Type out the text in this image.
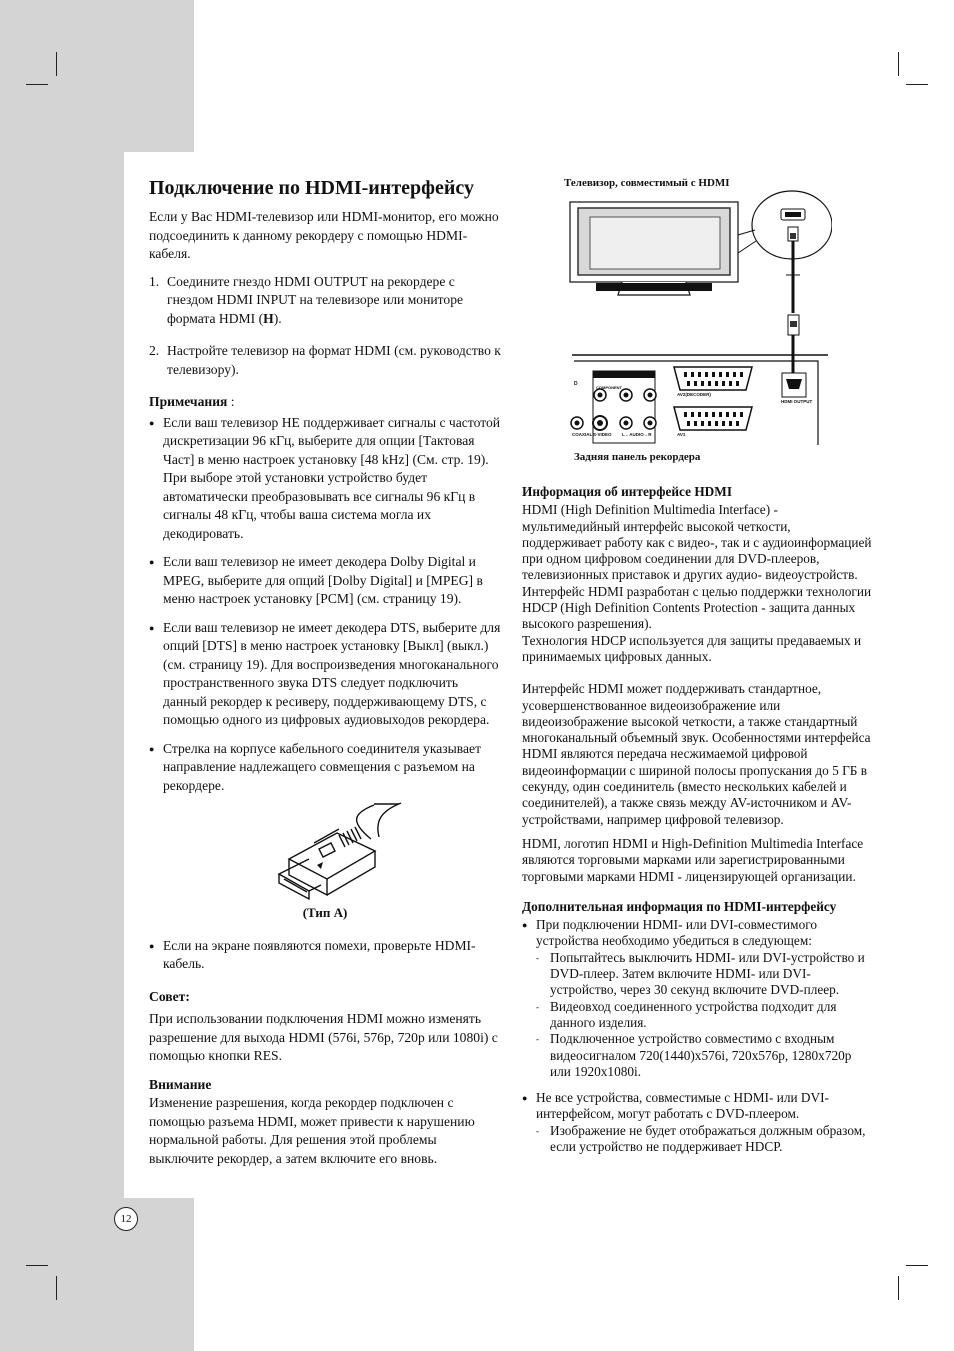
Подключение по HDMI-интерфейсу

Если у Вас HDMI-телевизор или HDMI-монитор, его можно подсоединить к данному рекордеру с помощью HDMI-кабеля.

1. Соедините гнездо HDMI OUTPUT на рекордере с гнездом HDMI INPUT на телевизоре или мониторе формата HDMI (H).
2. Настройте телевизор на формат HDMI (см. руководство к телевизору).

Примечания :

● Если ваш телевизор НЕ поддерживает сигналы с частотой дискретизации 96 кГц, выберите для опции [Тактовая Част] в меню настроек установку [48 kHz] (См. стр. 19). При выборе этой установки устройство будет автоматически преобразовывать все сигналы 96 кГц в сигналы 48 кГц, чтобы ваша система могла их декодировать.
● Если ваш телевизор не имеет декодера Dolby Digital и MPEG, выберите для опций [Dolby Digital] и [MPEG] в меню настроек установку [PCM] (см. страницу 19).
● Если ваш телевизор не имеет декодера DTS, выберите для опций [DTS] в меню настроек установку [Выкл] (выкл.) (см. страницу 19). Для воспроизведения многоканального пространственного звука DTS следует подключить данный рекордер к ресиверу, поддерживающему DTS, с помощью одного из цифровых аудиовыходов рекордера.
● Стрелка на корпусе кабельного соединителя указывает направление надлежащего совмещения с разъемом на рекордере.

(Тип A)

● Если на экране появляются помехи, проверьте HDMI-кабель.

Совет:

При использовании подключения HDMI можно изменять разрешение для выхода HDMI (576i, 576p, 720p или 1080i) с помощью кнопки RES.

Внимание

Изменение разрешения, когда рекордер подключен с помощью разъема HDMI, может привести к нарушению нормальной работы. Для решения этой проблемы выключите рекордер, а затем включите его вновь.

Телевизор, совместимый с HDMI
OUTPUT
COMPONENT
D
COAXIAL S-VIDEO L←AUDIO→R
AV2(DECODER)
AV1
HDMI OUTPUT
Задняя панель рекордера

Информация об интерфейсе HDMI

HDMI (High Definition Multimedia Interface) - мультимедийный интерфейс высокой четкости, поддерживает работу как с видео-, так и с аудиоинформацией при одном цифровом соединении для DVD-плееров, телевизионных приставок и других аудио- видеоустройств.

Интерфейс HDMI разработан с целью поддержки технологии HDCP (High Definition Contents Protection - защита данных высокого разрешения).

Технология HDCP используется для защиты предаваемых и принимаемых цифровых данных.

Интерфейс HDMI может поддерживать стандартное, усовершенствованное видеоизображение или видеоизображение высокой четкости, а также стандартный многоканальный объемный звук. Особенностями интерфейса HDMI являются передача несжимаемой цифровой видеоинформации с шириной полосы пропускания до 5 ГБ в секунду, один соединитель (вместо нескольких кабелей и соединителей), а также связь между AV-источником и AV-устройствами, например цифровой телевизор.

HDMI, логотип HDMI и High-Definition Multimedia Interface являются торговыми марками или зарегистрированными торговыми марками HDMI - лицензирующей организации.

Дополнительная информация по HDMI-интерфейсу

● При подключении HDMI- или DVI-совместимого устройства необходимо убедиться в следующем:
- Попытайтесь выключить HDMI- или DVI-устройство и DVD-плеер. Затем включите HDMI- или DVI-устройство, через 30 секунд включите DVD-плеер.
- Видеовход соединенного устройства подходит для данного изделия.
- Подключенное устройство совместимо с входным видеосигналом 720(1440)x576i, 720x576p, 1280x720p или 1920x1080i.
● Не все устройства, совместимые с HDMI- или DVI-интерфейсом, могут работать с DVD-плеером.
- Изображение не будет отображаться должным образом, если устройство не поддерживает HDCP.
12
